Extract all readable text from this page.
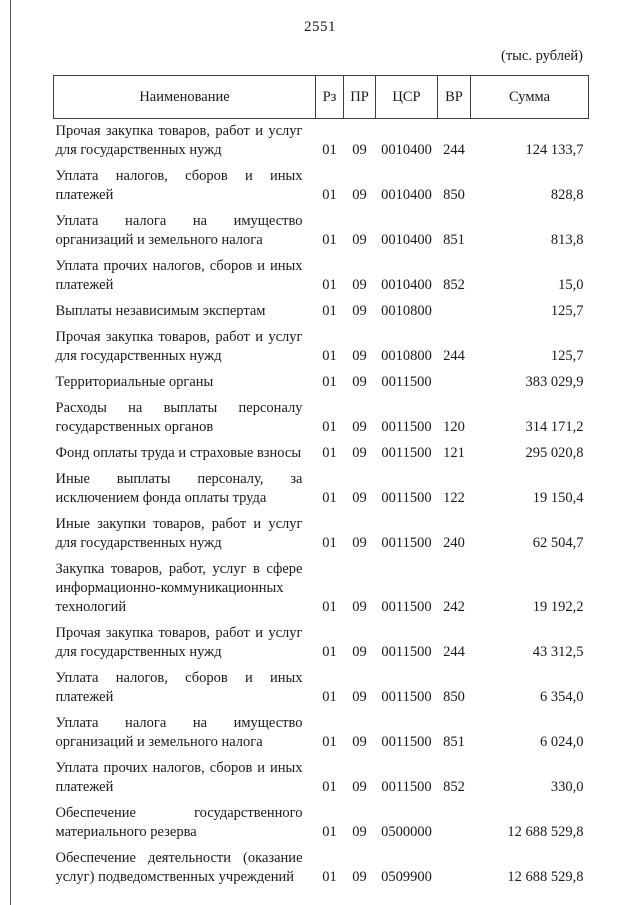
2551
(тыс. рублей)
Наименование	Рз	ПР	ЦСР	ВР	Сумма
Прочая закупка товаров, работ и услуг для государственных нужд	01	09	0010400	244	124 133,7
Уплата налогов, сборов и иных платежей	01	09	0010400	850	828,8
Уплата налога на имущество организаций и земельного налога	01	09	0010400	851	813,8
Уплата прочих налогов, сборов и иных платежей	01	09	0010400	852	15,0
Выплаты независимым экспертам	01	09	0010800		125,7
Прочая закупка товаров, работ и услуг для государственных нужд	01	09	0010800	244	125,7
Территориальные органы	01	09	0011500		383 029,9
Расходы на выплаты персоналу государственных органов	01	09	0011500	120	314 171,2
Фонд оплаты труда и страховые взносы	01	09	0011500	121	295 020,8
Иные выплаты персоналу, за исключением фонда оплаты труда	01	09	0011500	122	19 150,4
Иные закупки товаров, работ и услуг для государственных нужд	01	09	0011500	240	62 504,7
Закупка товаров, работ, услуг в сфере информационно-коммуникационных технологий	01	09	0011500	242	19 192,2
Прочая закупка товаров, работ и услуг для государственных нужд	01	09	0011500	244	43 312,5
Уплата налогов, сборов и иных платежей	01	09	0011500	850	6 354,0
Уплата налога на имущество организаций и земельного налога	01	09	0011500	851	6 024,0
Уплата прочих налогов, сборов и иных платежей	01	09	0011500	852	330,0
Обеспечение государственного материального резерва	01	09	0500000		12 688 529,8
Обеспечение деятельности (оказание услуг) подведомственных учреждений	01	09	0509900		12 688 529,8
